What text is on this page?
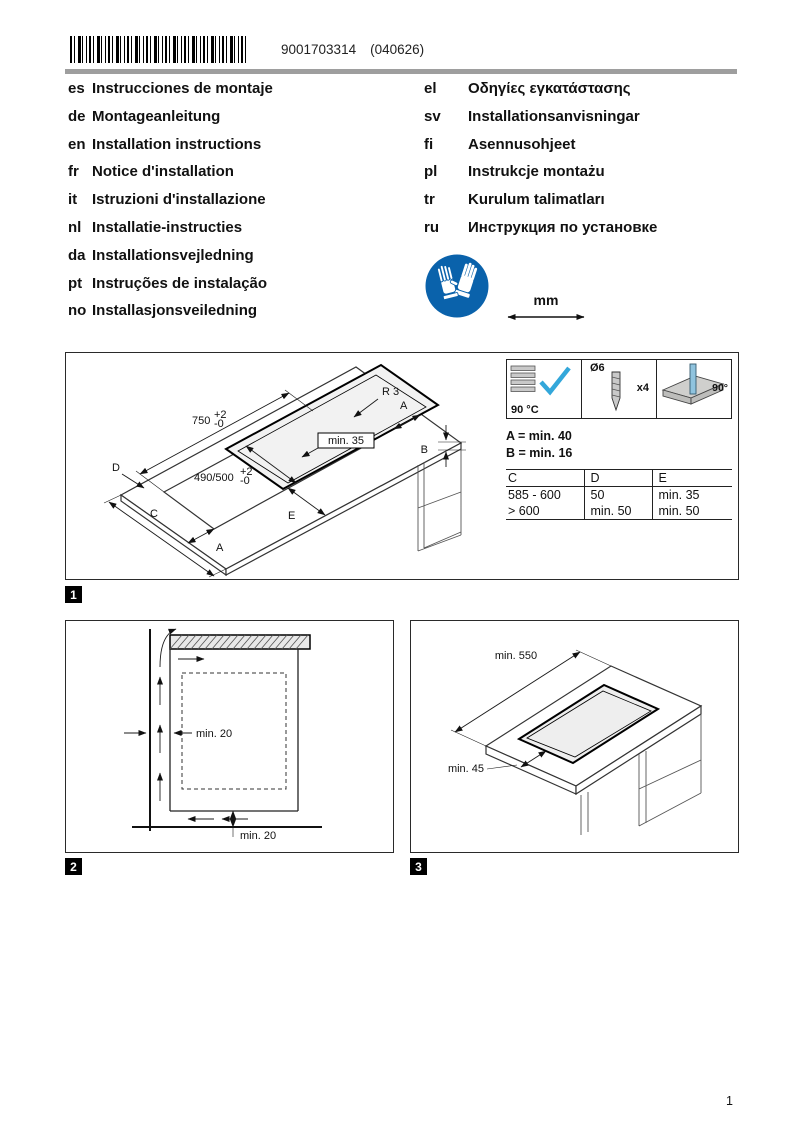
9001703314 (040626)
es Instrucciones de montaje
de Montageanleitung
en Installation instructions
fr Notice d'installation
it Istruzioni d'installazione
nl Installatie-instructies
da Installationsvejledning
pt Instruções de instalação
no Installasjonsveiledning
el	Οδηγίες εγκατάστασης
sv	Installationsanvisningar
fi	Asennusohjeet
pl	Instrukcje montażu
tr	Kurulum talimatları
ru	Инструкция по установке
mm
750 +2
-0
R 3
A
min. 35
B
D
490/500 +2
-0
C	E
A
90 °C
Ø6
x4	90°
A = min. 40
B = min. 16
C	D	E
585 - 600	50	min. 35
> 600	min. 50	min. 50
1
min. 20
min. 20
2
min. 550
min. 45
3
1
